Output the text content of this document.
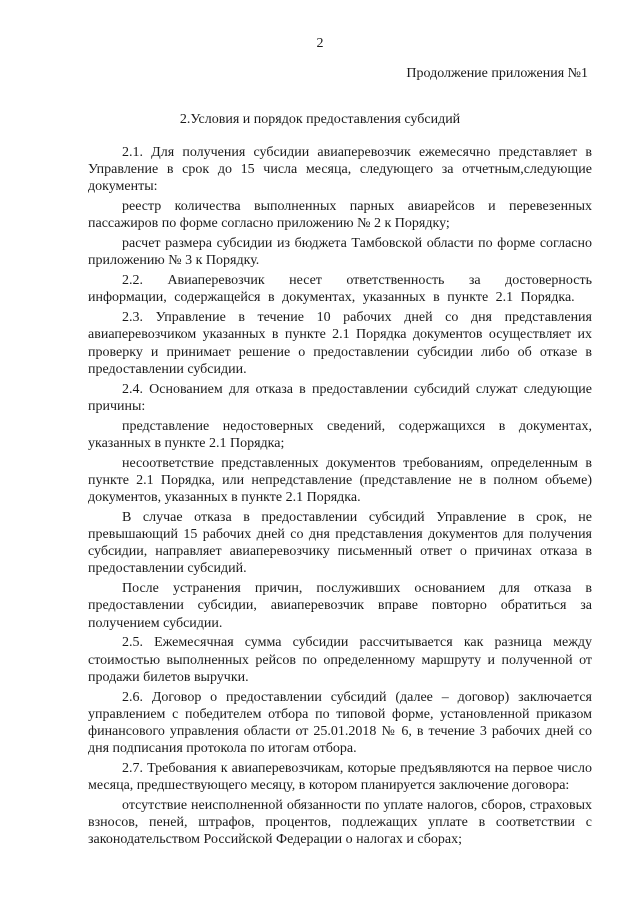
2
Продолжение приложения №1
2.Условия и порядок предоставления субсидий

2.1. Для получения субсидии авиаперевозчик ежемесячно представляет в Управление в срок до 15 числа месяца, следующего за отчетным,следующие документы:

реестр количества выполненных парных авиарейсов и перевезенных пассажиров по форме согласно приложению № 2 к Порядку;

расчет размера субсидии из бюджета Тамбовской области по форме согласно приложению № 3 к Порядку.

2.2. Авиаперевозчик несет ответственность за достоверность информации, содержащейся в документах, указанных в пункте 2.1 Порядка.

2.3. Управление в течение 10 рабочих дней со дня представления авиаперевозчиком указанных в пункте 2.1 Порядка документов осуществляет их проверку и принимает решение о предоставлении субсидии либо об отказе в предоставлении субсидии.

2.4. Основанием для отказа в предоставлении субсидий служат следующие причины:

представление недостоверных сведений, содержащихся в документах, указанных в пункте 2.1 Порядка;

несоответствие представленных документов требованиям, определенным в пункте 2.1 Порядка, или непредставление (представление не в полном объеме) документов, указанных в пункте 2.1 Порядка.

В случае отказа в предоставлении субсидий Управление в срок, не превышающий 15 рабочих дней со дня представления документов для получения субсидии, направляет авиаперевозчику письменный ответ о причинах отказа в предоставлении субсидий.

После устранения причин, послуживших основанием для отказа в предоставлении субсидии, авиаперевозчик вправе повторно обратиться за получением субсидии.

2.5. Ежемесячная сумма субсидии рассчитывается как разница между стоимостью выполненных рейсов по определенному маршруту и полученной от продажи билетов выручки.

2.6. Договор о предоставлении субсидий (далее – договор) заключается управлением с победителем отбора по типовой форме, установленной приказом финансового управления области от 25.01.2018 № 6, в течение 3 рабочих дней со дня подписания протокола по итогам отбора.

2.7. Требования к авиаперевозчикам, которые предъявляются на первое число месяца, предшествующего месяцу, в котором планируется заключение договора:

отсутствие неисполненной обязанности по уплате налогов, сборов, страховых взносов, пеней, штрафов, процентов, подлежащих уплате в соответствии с законодательством Российской Федерации о налогах и сборах;
